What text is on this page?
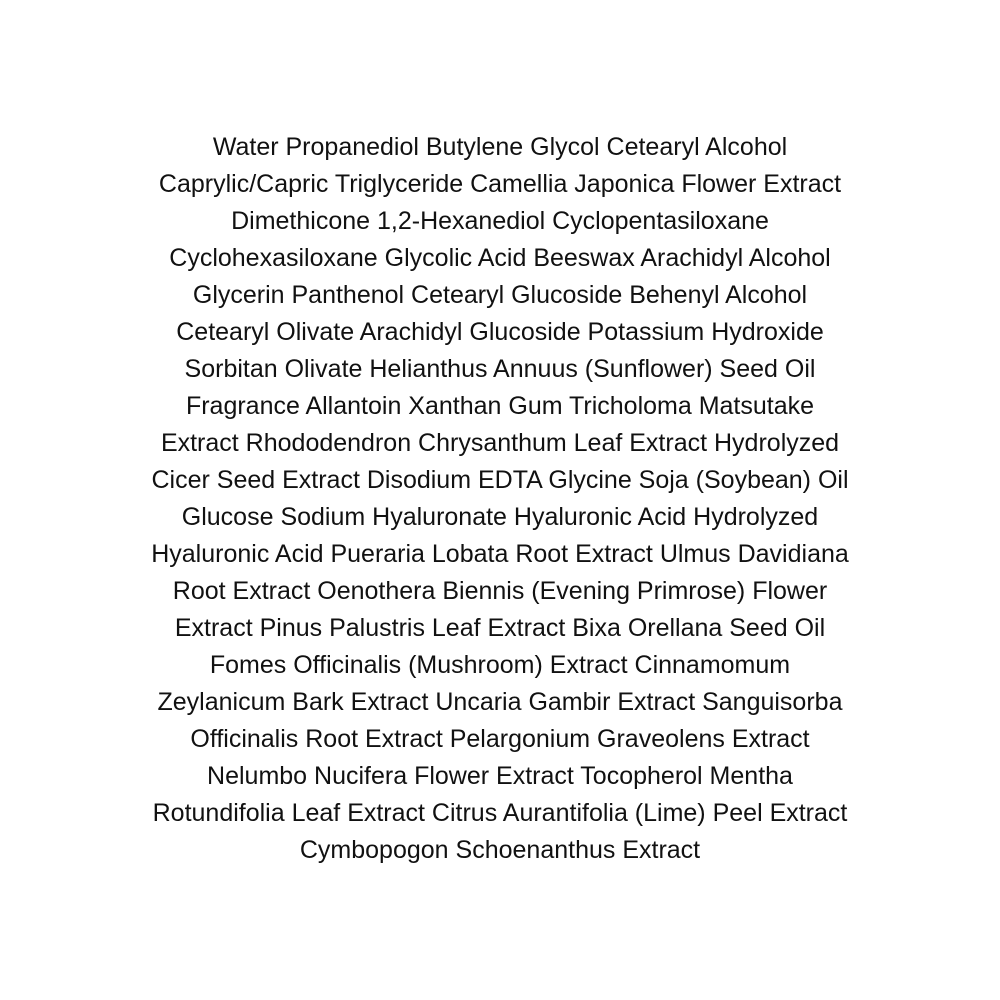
Water Propanediol Butylene Glycol Cetearyl Alcohol
Caprylic/Capric Triglyceride Camellia Japonica Flower Extract
Dimethicone 1,2-Hexanediol Cyclopentasiloxane
Cyclohexasiloxane Glycolic Acid Beeswax Arachidyl Alcohol
Glycerin Panthenol Cetearyl Glucoside Behenyl Alcohol
Cetearyl Olivate Arachidyl Glucoside Potassium Hydroxide
Sorbitan Olivate Helianthus Annuus (Sunflower) Seed Oil
Fragrance Allantoin Xanthan Gum Tricholoma Matsutake
Extract Rhododendron Chrysanthum Leaf Extract Hydrolyzed
Cicer Seed Extract Disodium EDTA Glycine Soja (Soybean) Oil
Glucose Sodium Hyaluronate Hyaluronic Acid Hydrolyzed
Hyaluronic Acid Pueraria Lobata Root Extract Ulmus Davidiana
Root Extract Oenothera Biennis (Evening Primrose) Flower
Extract Pinus Palustris Leaf Extract Bixa Orellana Seed Oil
Fomes Officinalis (Mushroom) Extract Cinnamomum
Zeylanicum Bark Extract Uncaria Gambir Extract Sanguisorba
Officinalis Root Extract Pelargonium Graveolens Extract
Nelumbo Nucifera Flower Extract Tocopherol Mentha
Rotundifolia Leaf Extract Citrus Aurantifolia (Lime) Peel Extract
Cymbopogon Schoenanthus Extract
